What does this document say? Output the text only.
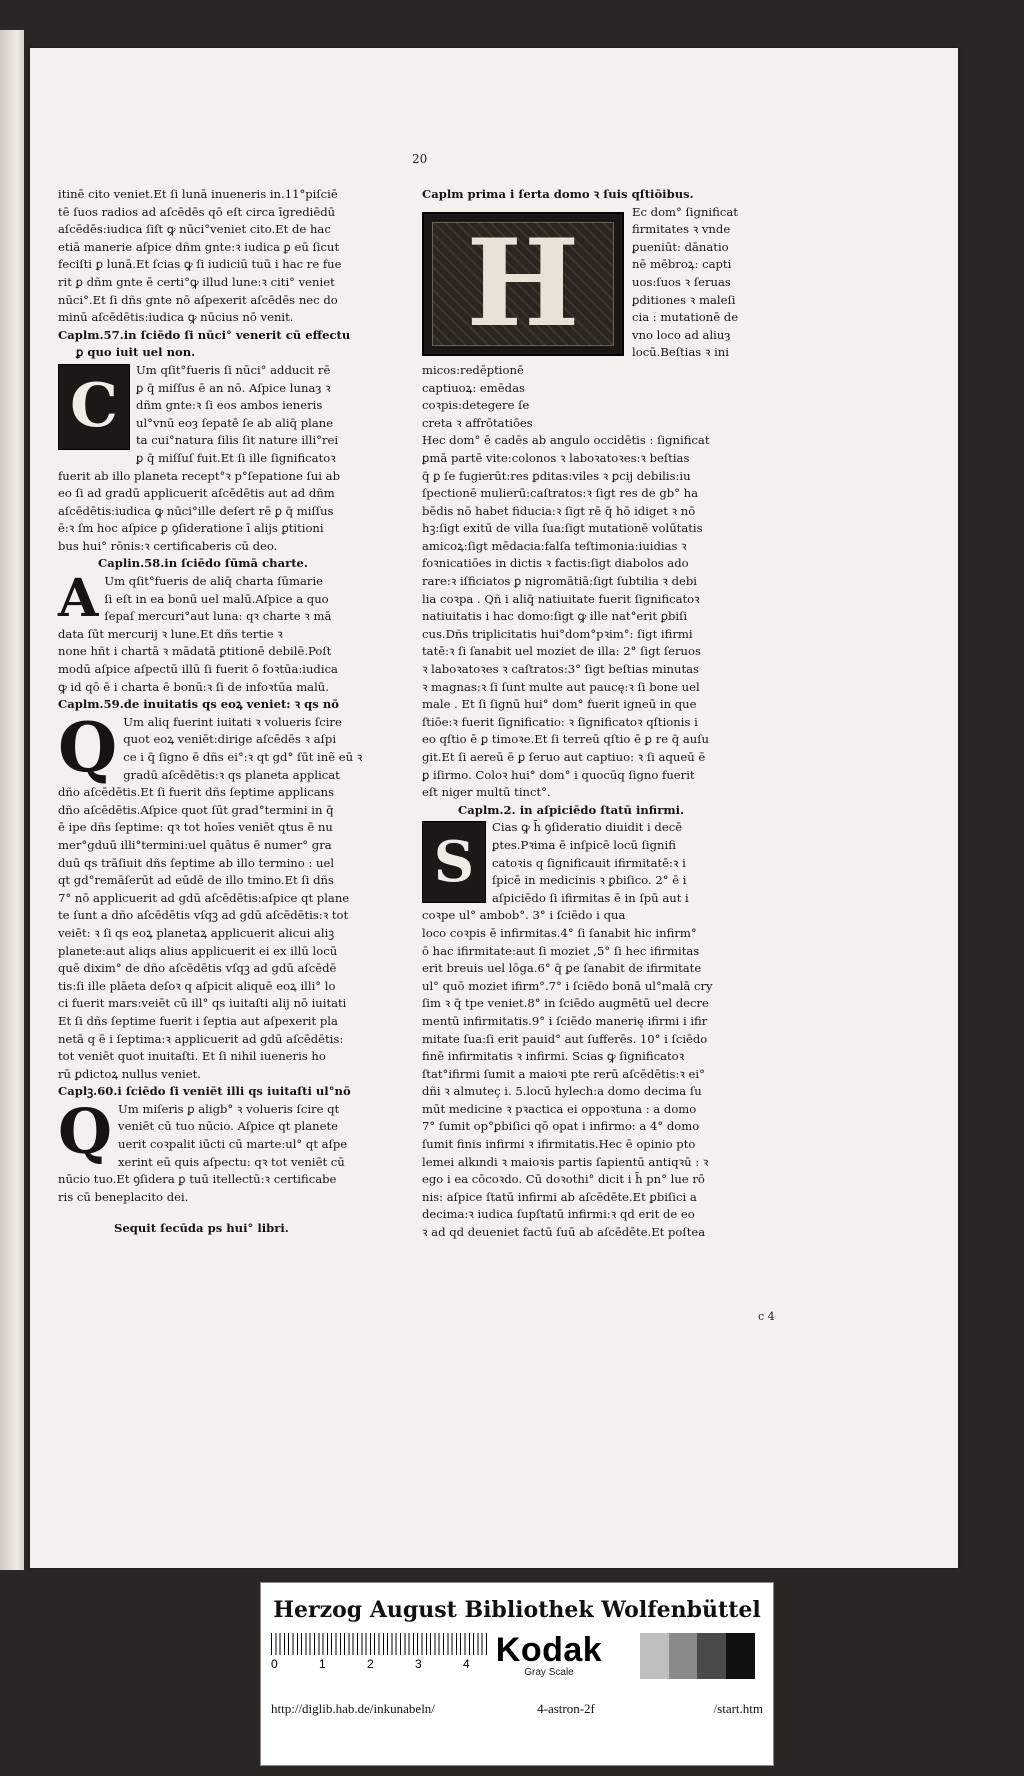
20
itinē cito veniet.Et ſi lunā inueneris in.11°piſciē
tē ſuos radios ad aſcēdēs qō eſt circa īgrediēdū
aſcēdēs:iudica ſiſt ꝙ nūci°veniet cito.Et de hac
etiā manerie aſpice dñm gnte:ꝛ iudica ꝑ eū ſicut
feciſti ꝑ lunā.Et ſcias ꝙ ſi iudiciū tuū i hac re fue
rit ꝑ dñm gnte ē certi°ꝙ illud lune:ꝛ citi° veniet
nūci°.Et ſi dñs gnte nō aſpexerit aſcēdēs nec do
minū aſcēdētis:iudica ꝙ nūcius nō venit.
Caplm.57.in ſciēdo ſi nūci° venerit cū effectu
ꝑ quo iuit uel non.
C
Um qſit°fueris ſi nūci° adducit rē
ꝑ q̄ miſſus ē an nō. Aſpice lunaȝ ꝛ
dñm gnte:ꝛ ſi eos ambos ieneris
ul°vnū eoȝ ſepatē ſe ab aliq̄ plane
ta cui°natura ſilis ſit nature illi°rei
ꝑ q̄ miſſuſ fuit.Et ſi ille ſignificatoꝛ
fuerit ab illo planeta recept°ꝛ p°ſepatione ſui ab
eo ſi ad gradū applicuerit aſcēdētis aut ad dñm
aſcēdētis:iudica ꝙ nūci°ille deſert rē ꝑ q̄ miſſus
ē:ꝛ ſm hoc aſpice ꝑ ꝯſideratione ī alijs ꝑtitioni
bus hui° rōnis:ꝛ certificaberis cū deo.
Caplin.58.in ſciēdo ſūmā charte.
A Um qſit°fueris de aliq̄ charta ſūmarie
ſi eſt in ea bonū uel malū.Aſpice a quo
ſepaſ mercuri°aut luna: qꝛ charte ꝛ mā
data ſūt mercurij ꝛ lune.Et dñs tertie ꝛ
none hñt i chartā ꝛ mādatā ꝑtitionē debilē.Poſt
modū aſpice aſpectū illū ſi fuerit ō foꝛtūa:iudica
ꝙ id qō ē i charta ē bonū:ꝛ ſi de infoꝛtūa malū.
Caplm.59.de inuitatis qs eoꝝ veniet: ꝛ qs nō
Q Um aliq fuerint iuitati ꝛ volueris ſcire
quot eoꝝ veniēt:dirige aſcēdēs ꝛ aſpi
ce i q̄ ſigno ē dñs ei°:ꝛ qt gd° ſūt inẽ eū ꝛ
gradū aſcēdētis:ꝛ qs planeta applicat
dño aſcēdētis.Et ſi fuerit dñs ſeptime applicans
dño aſcēdētis.Aſpice quot ſūt grad°termini in q̄
ē ipe dñs ſeptime: qꝛ tot hoīes veniēt qtus ē nu
mer°gduū illi°termini:uel quātus ē numer° gra
duū qs trāſiuit dñs ſeptime ab illo termino : uel
qt gd°remāſerūt ad eūdē de illo tmino.Et ſi dñs
7° nō applicuerit ad gdū aſcēdētis:aſpice qt plane
te ſunt a dño aſcēdētis vſqꝫ ad gdū aſcēdētis:ꝛ tot
veiēt: ꝛ ſi qs eoꝝ planetaꝝ applicuerit alicui aliꝫ
planete:aut aliqs alius applicuerit ei ex illū locū
quē dixim° de dño aſcēdētis vſqꝫ ad gdū aſcēdē
tis:ſi ille plāeta deſoꝛ q aſpicit aliquē eoꝝ illi° lo
ci fuerit mars:veiēt cū ill° qs iuitaſti alij nō iuitati
Et ſi dñs ſeptime fuerit i ſeptia aut aſpexerit pla
netā q ē i ſeptima:ꝛ applicuerit ad gdū aſcēdētis:
tot veniēt quot inuitaſti. Et ſi nihil iueneris ho
rū ꝑdictoꝝ nullus veniet.
Caplꝫ.60.i ſciēdo ſi veniēt illi qs iuitaſti ul°nō
Q Um miſeris ꝑ aligb° ꝛ volueris ſcire qt
veniēt cū tuo nūcio. Aſpice qt planete
uerit coꝛpalit iūcti cū marte:ul° qt aſpe
xerint eū quis aſpectu: qꝛ tot veniēt cū
nūcio tuo.Et ꝯſidera ꝑ tuū itellectū:ꝛ certificabe
ris cū beneplacito dei.
Sequit ſecūda ps hui° libri.
Caplm prima i ſerta domo ꝛ ſuis qſtiōibus.
H
Ec dom° ſignificat
firmitates ꝛ vnde
ꝑueniūt: dānatio
nē mēbroꝝ: capti
uos:ſuos ꝛ ſeruas
ꝑditiones ꝛ maleſi
cia : mutationē de
vno loco ad aliuȝ
locū.Beſtias ꝛ ini
micos:redēptionē
captiuoꝝ: emēdas
coꝛpis:detegere ſe
creta ꝛ affrōtatiōes
Hec dom° ē cadēs ab angulo occidētis : ſignificat
ꝑmā partē vite:colonos ꝛ laboꝛatoꝛes:ꝛ beſtias
q̄ ꝑ ſe fugierūt:res ꝑditas:viles ꝛ ꝑcij debilis:iu
ſpectionē mulierū:caſtratos:ꝛ ſigt res de gb° ha
bēdis nō habet fiducia:ꝛ ſigt rē q̄ hō idiget ꝛ nō
hꝫ:ſigt exitū de villa ſua:ſigt mutationē volūtatis
amicoꝝ:ſigt mēdacia:falſa teſtimonia:iuidias ꝛ
foꝛnicatiōes in dictis ꝛ factis:ſigt diabolos ado
rare:ꝛ iſficiatos ꝑ nigromātiā:ſigt ſubtilia ꝛ debi
lia coꝛpa . Qñ i aliq̄ natiuitate fuerit ſignificatoꝛ
natiuitatis i hac domo:ſigt ꝙ ille nat°erit ꝑbiſi
cus.Dñs triplicitatis hui°dom°pꝛim°: ſigt ifirmi
tatē:ꝛ ſi ſanabit uel moziet de illa: 2° ſigt ſeruos
ꝛ laboꝛatoꝛes ꝛ caſtratos:3° ſigt beſtias minutas
ꝛ magnas:ꝛ ſi ſunt multe aut paucę:ꝛ ſi bone uel
male . Et ſi ſignū hui° dom° fuerit igneū in que
ſtiōe:ꝛ fuerit ſignificatio: ꝛ ſignificatoꝛ qſtionis i
eo qſtio ē ꝑ timoꝛe.Et ſi terreū qſtio ē ꝑ re q̄ auſu
git.Et ſi aereū ē ꝑ ſeruo aut captiuo: ꝛ ſi aqueū ē
ꝑ iſirmo. Coloꝛ hui° dom° i quocūq ſigno fuerit
eſt niger multū tinct°.
Caplm.2. in aſpiciēdo ſtatū infirmi.
S
Cias ꝙ h̄ ꝯſideratio diuidit i decē
ꝑtes.Pꝛima ē inſpicē locū ſignifi
catoꝛis q ſignificauit ifirmitatē:ꝛ i
ſpicē in medicinis ꝛ ꝑbiſico. 2° ē i
aſpiciēdo ſi ifirmitas ē in ſpū aut i
coꝛpe ul° ambob°. 3° i ſciēdo i qua
loco coꝛpis ē infirmitas.4° ſi ſanabit hic infirm°
ō hac ifirmitate:aut ſi moziet ,5° ſi hec ifirmitas
erit breuis uel lōga.6° q̄ ꝑe ſanabit de ifirmitate
ul° quō moziet ifirm°.7° i ſciēdo bonā ul°malā cry
ſim ꝛ q̄ tpe veniet.8° in ſciēdo augmētū uel decre
mentū infirmitatis.9° i ſciēdo manerię ifirmi i ifir
mitate ſua:ſi erit pauid° aut ſufferēs. 10° i ſciēdo
finē infirmitatis ꝛ infirmi. Scias ꝙ ſignificatoꝛ
ſtat°ifirmi ſumit a maioꝛi pte rerū aſcēdētis:ꝛ ei°
dñi ꝛ almuteç i. 5.locū hylech:a domo decima ſu
mūt medicine ꝛ pꝛactica ei oppoꝛtuna : a domo
7° ſumit op°ꝑbiſici qō opat i infirmo: a 4° domo
ſumit finis infirmi ꝛ ifirmitatis.Hec ē opinio pto
lemei alkındi ꝛ maioꝛis partis ſapientū antiqꝛū : ꝛ
ego i ea cōcoꝛdo. Cū doꝛothi° dicit i h̄ pn° lue rō
nis: aſpice ſtatū infirmi ab aſcēdēte.Et ꝑbiſici a
decima:ꝛ iudica ſupſtatū infirmi:ꝛ qd erit de eo
ꝛ ad qd deueniet factū ſuū ab aſcēdēte.Et poſtea
c 4
Herzog August Bibliothek Wolfenbüttel
0	1	2	3	4 Kodak
Gray Scale
http://diglib.hab.de/inkunabeln/	4-astron-2f	/start.htm
